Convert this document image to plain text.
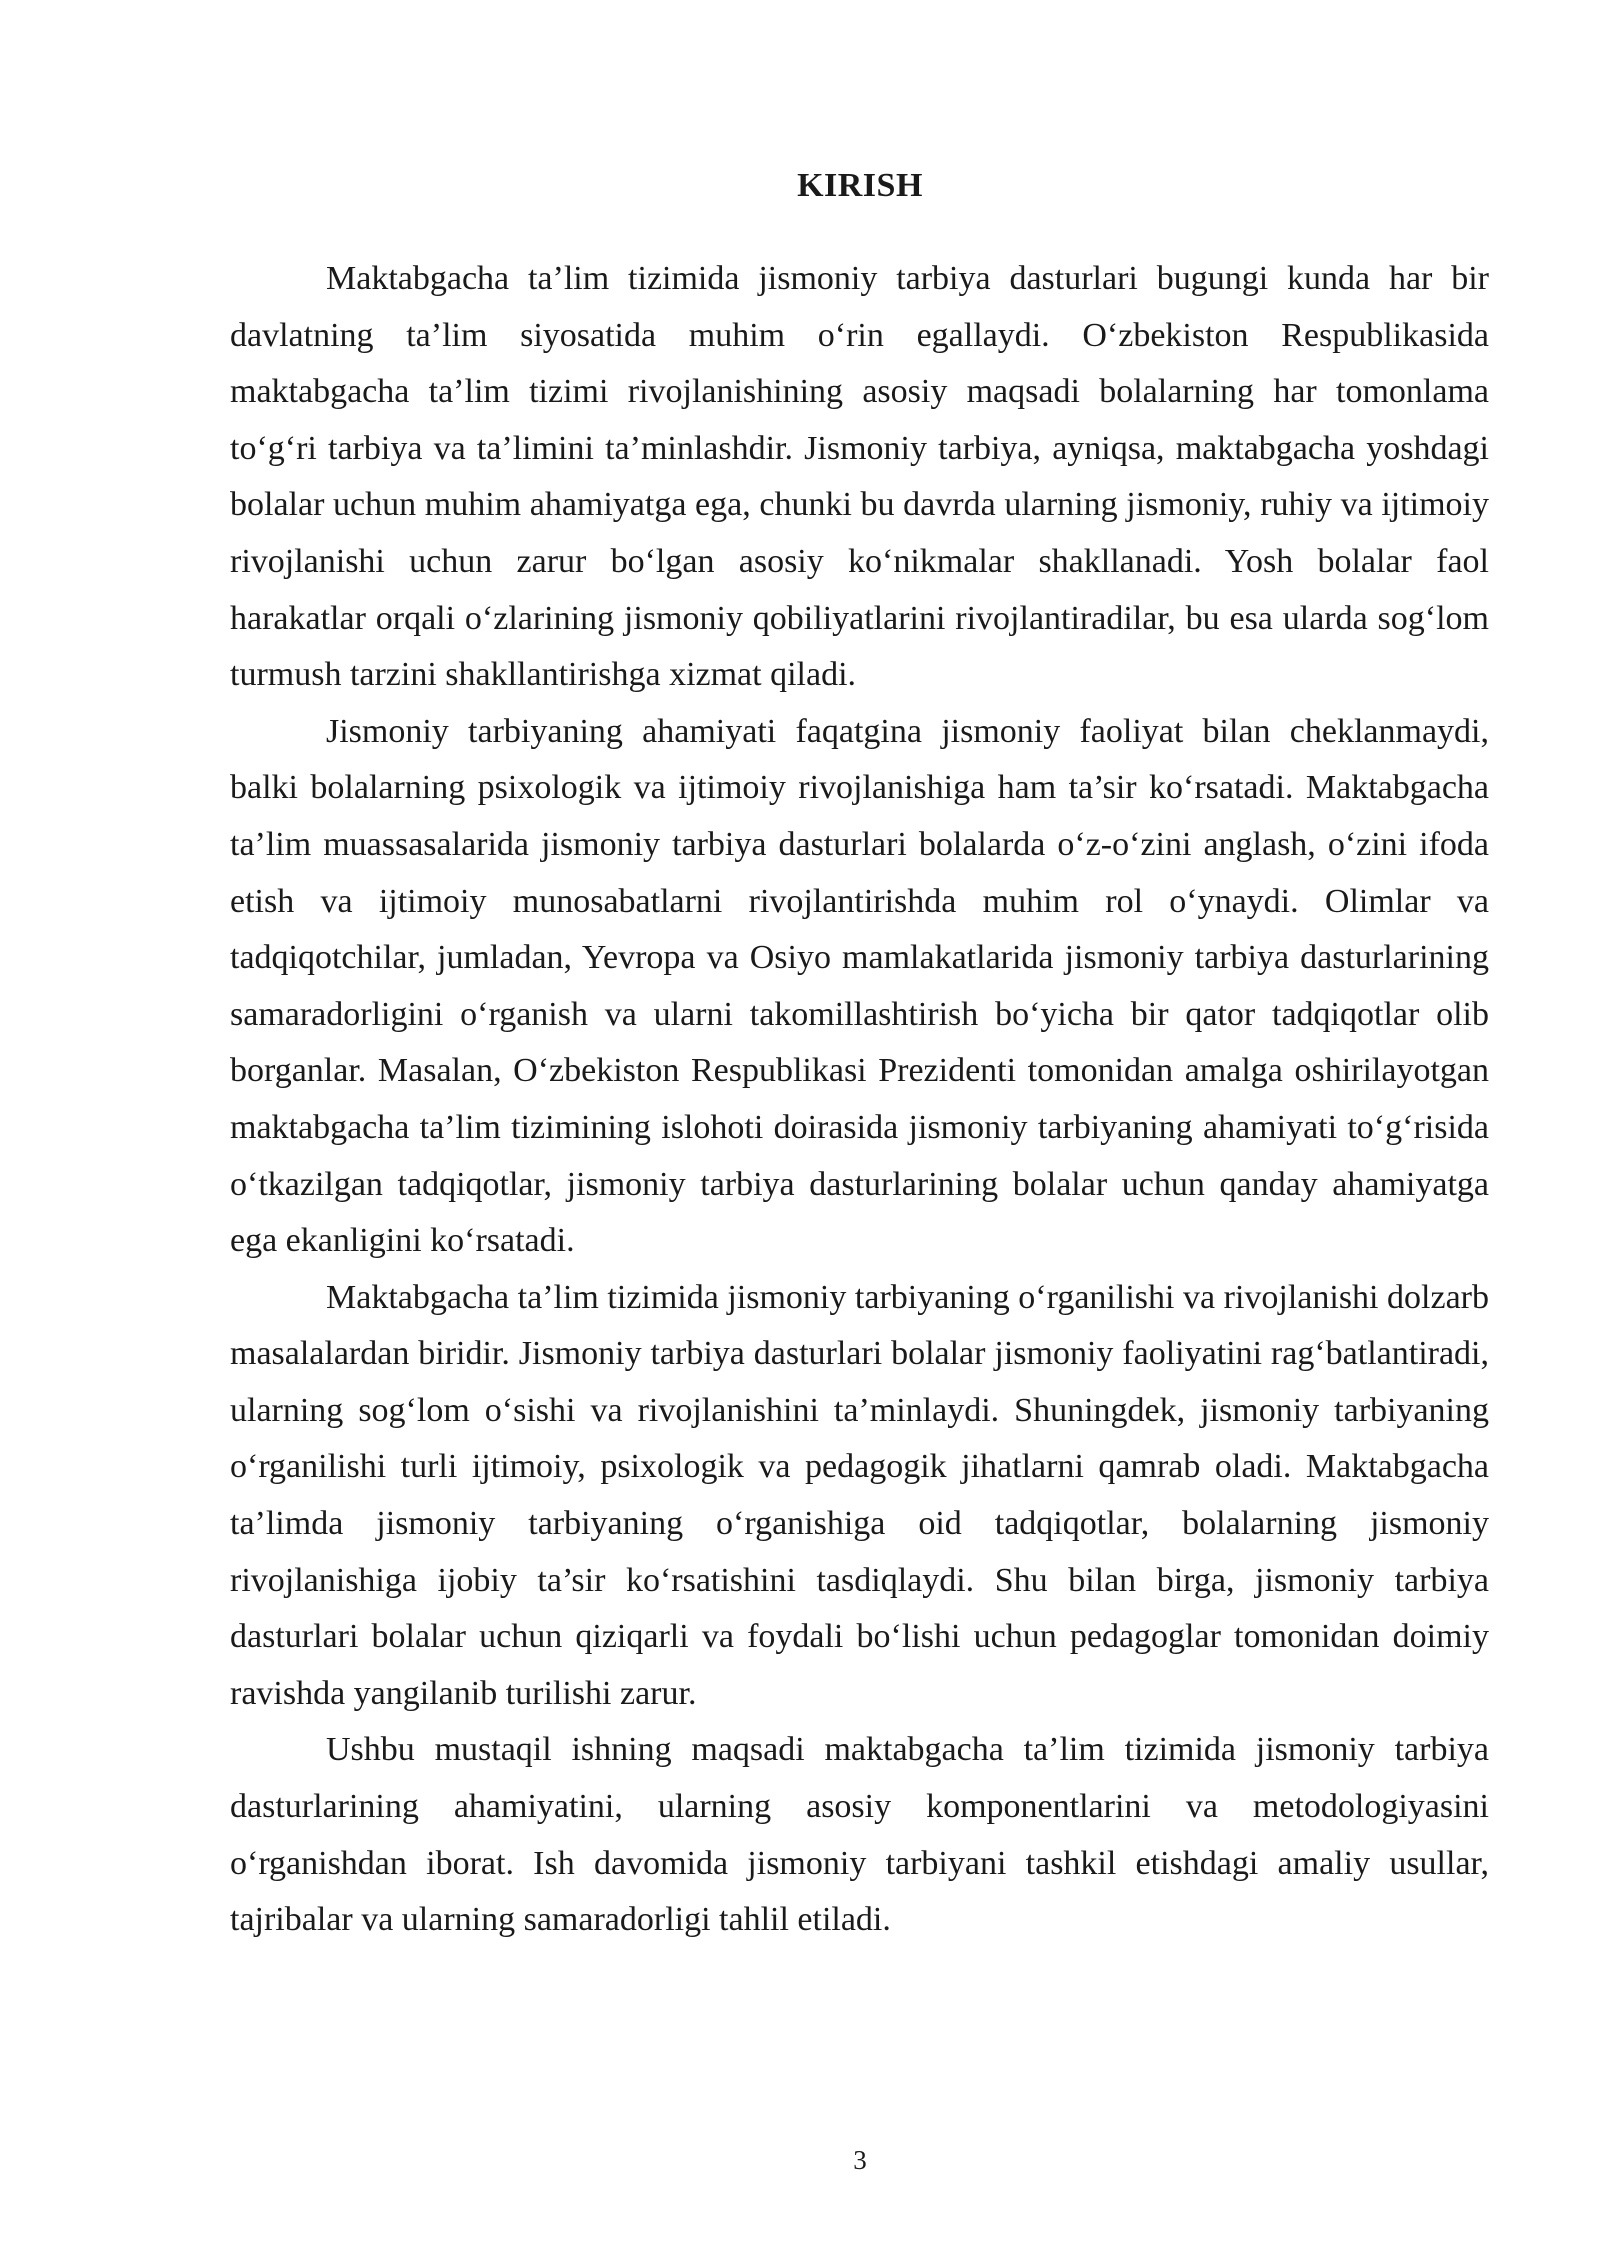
KIRISH

Maktabgacha ta’lim tizimida jismoniy tarbiya dasturlari bugungi kunda har bir davlatning ta’lim siyosatida muhim o‘rin egallaydi. O‘zbekiston Respublikasida maktabgacha ta’lim tizimi rivojlanishining asosiy maqsadi bolalarning har tomonlama to‘g‘ri tarbiya va ta’limini ta’minlashdir. Jismoniy tarbiya, ayniqsa, maktabgacha yoshdagi bolalar uchun muhim ahamiyatga ega, chunki bu davrda ularning jismoniy, ruhiy va ijtimoiy rivojlanishi uchun zarur bo‘lgan asosiy ko‘nikmalar shakllanadi. Yosh bolalar faol harakatlar orqali o‘zlarining jismoniy qobiliyatlarini rivojlantiradilar, bu esa ularda sog‘lom turmush tarzini shakllantirishga xizmat qiladi.

Jismoniy tarbiyaning ahamiyati faqatgina jismoniy faoliyat bilan cheklanmaydi, balki bolalarning psixologik va ijtimoiy rivojlanishiga ham ta’sir ko‘rsatadi. Maktabgacha ta’lim muassasalarida jismoniy tarbiya dasturlari bolalarda o‘z-o‘zini anglash, o‘zini ifoda etish va ijtimoiy munosabatlarni rivojlantirishda muhim rol o‘ynaydi. Olimlar va tadqiqotchilar, jumladan, Yevropa va Osiyo mamlakatlarida jismoniy tarbiya dasturlarining samaradorligini o‘rganish va ularni takomillashtirish bo‘yicha bir qator tadqiqotlar olib borganlar. Masalan, O‘zbekiston Respublikasi Prezidenti tomonidan amalga oshirilayotgan maktabgacha ta’lim tizimining islohoti doirasida jismoniy tarbiyaning ahamiyati to‘g‘risida o‘tkazilgan tadqiqotlar, jismoniy tarbiya dasturlarining bolalar uchun qanday ahamiyatga ega ekanligini ko‘rsatadi.

Maktabgacha ta’lim tizimida jismoniy tarbiyaning o‘rganilishi va rivojlanishi dolzarb masalalardan biridir. Jismoniy tarbiya dasturlari bolalar jismoniy faoliyatini rag‘batlantiradi, ularning sog‘lom o‘sishi va rivojlanishini ta’minlaydi. Shuningdek, jismoniy tarbiyaning o‘rganilishi turli ijtimoiy, psixologik va pedagogik jihatlarni qamrab oladi. Maktabgacha ta’limda jismoniy tarbiyaning o‘rganishiga oid tadqiqotlar, bolalarning jismoniy rivojlanishiga ijobiy ta’sir ko‘rsatishini tasdiqlaydi. Shu bilan birga, jismoniy tarbiya dasturlari bolalar uchun qiziqarli va foydali bo‘lishi uchun pedagoglar tomonidan doimiy ravishda yangilanib turilishi zarur.

Ushbu mustaqil ishning maqsadi maktabgacha ta’lim tizimida jismoniy tarbiya dasturlarining ahamiyatini, ularning asosiy komponentlarini va metodologiyasini o‘rganishdan iborat. Ish davomida jismoniy tarbiyani tashkil etishdagi amaliy usullar, tajribalar va ularning samaradorligi tahlil etiladi.

3
